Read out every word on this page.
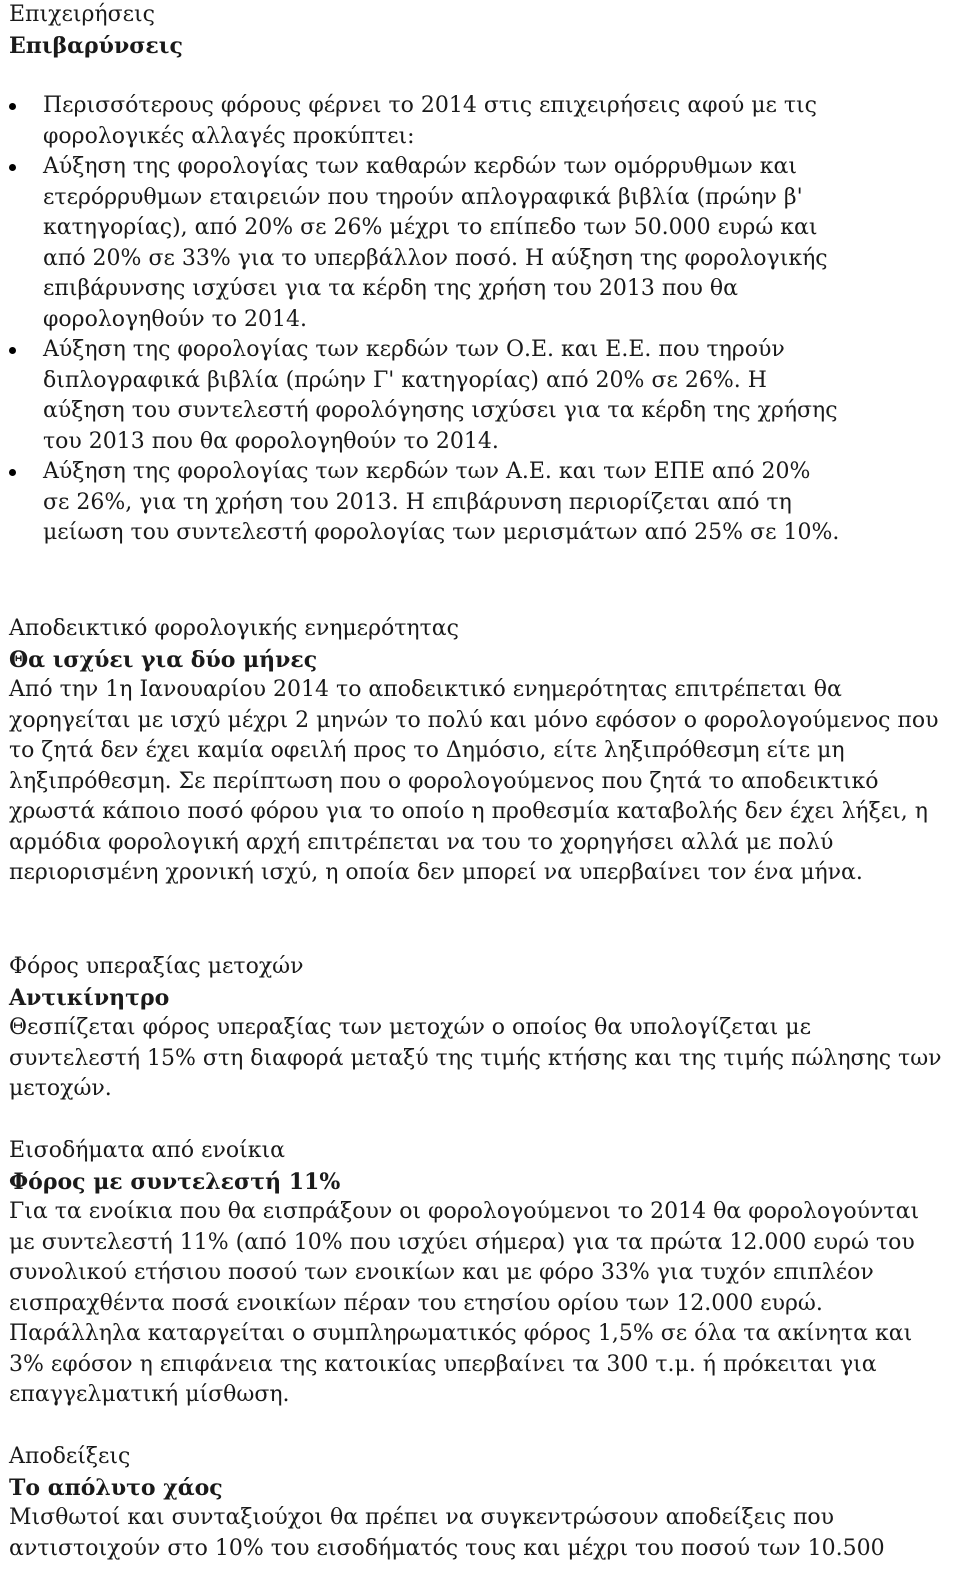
Επιχειρήσεις
Επιβαρύνσεις
Περισσότερους φόρους φέρνει το 2014 στις επιχειρήσεις αφού με τις φορολογικές αλλαγές προκύπτει:
Αύξηση της φορολογίας των καθαρών κερδών των ομόρρυθμων και ετερόρρυθμων εταιρειών που τηρούν απλογραφικά βιβλία (πρώην β' κατηγορίας), από 20% σε 26% μέχρι το επίπεδο των 50.000 ευρώ και από 20% σε 33% για το υπερβάλλον ποσό. Η αύξηση της φορολογικής επιβάρυνσης ισχύσει για τα κέρδη της χρήση του 2013 που θα φορολογηθούν το 2014.
Αύξηση της φορολογίας των κερδών των Ο.Ε. και Ε.Ε. που τηρούν διπλογραφικά βιβλία (πρώην Γ' κατηγορίας) από 20% σε 26%. Η αύξηση του συντελεστή φορολόγησης ισχύσει για τα κέρδη της χρήσης του 2013 που θα φορολογηθούν το 2014.
Αύξηση της φορολογίας των κερδών των Α.Ε. και των ΕΠΕ από 20% σε 26%, για τη χρήση του 2013. Η επιβάρυνση περιορίζεται από τη μείωση του συντελεστή φορολογίας των μερισμάτων από 25% σε 10%.
Αποδεικτικό φορολογικής ενημερότητας
Θα ισχύει για δύο μήνες

Από την 1η Ιανουαρίου 2014 το αποδεικτικό ενημερότητας επιτρέπεται θα χορηγείται με ισχύ μέχρι 2 μηνών το πολύ και μόνο εφόσον ο φορολογούμενος που το ζητά δεν έχει καμία οφειλή προς το Δημόσιο, είτε ληξιπρόθεσμη είτε μη ληξιπρόθεσμη. Σε περίπτωση που ο φορολογούμενος που ζητά το αποδεικτικό χρωστά κάποιο ποσό φόρου για το οποίο η προθεσμία καταβολής δεν έχει λήξει, η αρμόδια φορολογική αρχή επιτρέπεται να του το χορηγήσει αλλά με πολύ περιορισμένη χρονική ισχύ, η οποία δεν μπορεί να υπερβαίνει τον ένα μήνα.

Φόρος υπεραξίας μετοχών
Αντικίνητρο

Θεσπίζεται φόρος υπεραξίας των μετοχών ο οποίος θα υπολογίζεται με συντελεστή 15% στη διαφορά μεταξύ της τιμής κτήσης και της τιμής πώλησης των μετοχών.

Εισοδήματα από ενοίκια
Φόρος με συντελεστή 11%

Για τα ενοίκια που θα εισπράξουν οι φορολογούμενοι το 2014 θα φορολογούνται με συντελεστή 11% (από 10% που ισχύει σήμερα) για τα πρώτα 12.000 ευρώ του συνολικού ετήσιου ποσού των ενοικίων και με φόρο 33% για τυχόν επιπλέον εισπραχθέντα ποσά ενοικίων πέραν του ετησίου ορίου των 12.000 ευρώ. Παράλληλα καταργείται ο συμπληρωματικός φόρος 1,5% σε όλα τα ακίνητα και 3% εφόσον η επιφάνεια της κατοικίας υπερβαίνει τα 300 τ.μ. ή πρόκειται για επαγγελματική μίσθωση.

Αποδείξεις
Το απόλυτο χάος

Μισθωτοί και συνταξιούχοι θα πρέπει να συγκεντρώσουν αποδείξεις που αντιστοιχούν στο 10% του εισοδήματός τους και μέχρι του ποσού των 10.500
